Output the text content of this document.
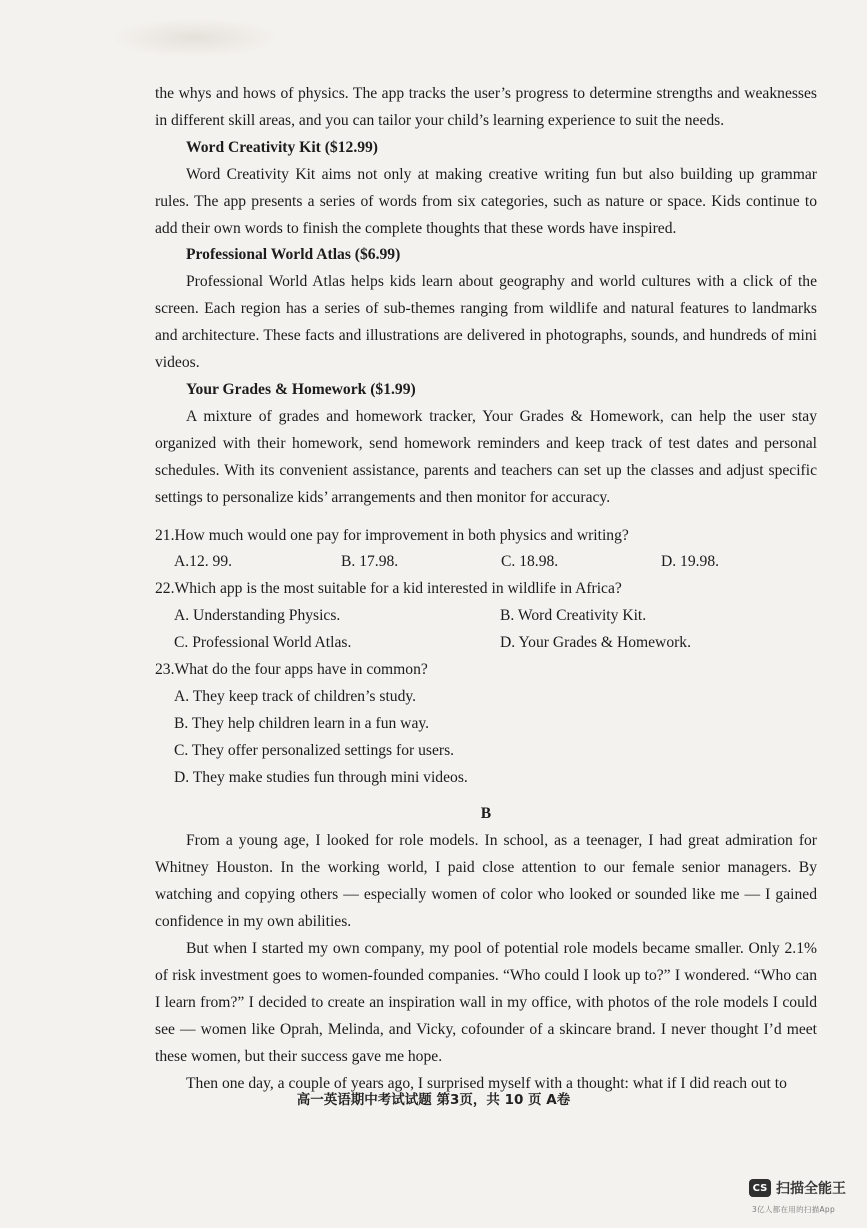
the whys and hows of physics. The app tracks the user’s progress to determine strengths and weaknesses in different skill areas, and you can tailor your child’s learning experience to suit the needs.

Word Creativity Kit ($12.99)

Word Creativity Kit aims not only at making creative writing fun but also building up grammar rules. The app presents a series of words from six categories, such as nature or space. Kids continue to add their own words to finish the complete thoughts that these words have inspired.

Professional World Atlas ($6.99)

Professional World Atlas helps kids learn about geography and world cultures with a click of the screen. Each region has a series of sub-themes ranging from wildlife and natural features to landmarks and architecture. These facts and illustrations are delivered in photographs, sounds, and hundreds of mini videos.

Your Grades & Homework ($1.99)

A mixture of grades and homework tracker, Your Grades & Homework, can help the user stay organized with their homework, send homework reminders and keep track of test dates and personal schedules. With its convenient assistance, parents and teachers can set up the classes and adjust specific settings to personalize kids’ arrangements and then monitor for accuracy.

21.How much would one pay for improvement in both physics and writing?

A.12. 99.	B. 17.98.	C. 18.98.	D. 19.98.

22.Which app is the most suitable for a kid interested in wildlife in Africa?

A. Understanding Physics.	B. Word Creativity Kit.
C. Professional World Atlas.	D. Your Grades & Homework.

23.What do the four apps have in common?

A. They keep track of children’s study.
B. They help children learn in a fun way.
C. They offer personalized settings for users.
D. They make studies fun through mini videos.

B

From a young age, I looked for role models. In school, as a teenager, I had great admiration for Whitney Houston. In the working world, I paid close attention to our female senior managers. By watching and copying others — especially women of color who looked or sounded like me — I gained confidence in my own abilities.

But when I started my own company, my pool of potential role models became smaller. Only 2.1% of risk investment goes to women-founded companies. “Who could I look up to?” I wondered. “Who can I learn from?” I decided to create an inspiration wall in my office, with photos of the role models I could see — women like Oprah, Melinda, and Vicky, cofounder of a skincare brand. I never thought I’d meet these women, but their success gave me hope.

Then one day, a couple of years ago, I surprised myself with a thought: what if I did reach out to

高一英语期中考试试题 第3页，共 10 页 A卷
CS 扫描全能王
3亿人都在用的扫描App
